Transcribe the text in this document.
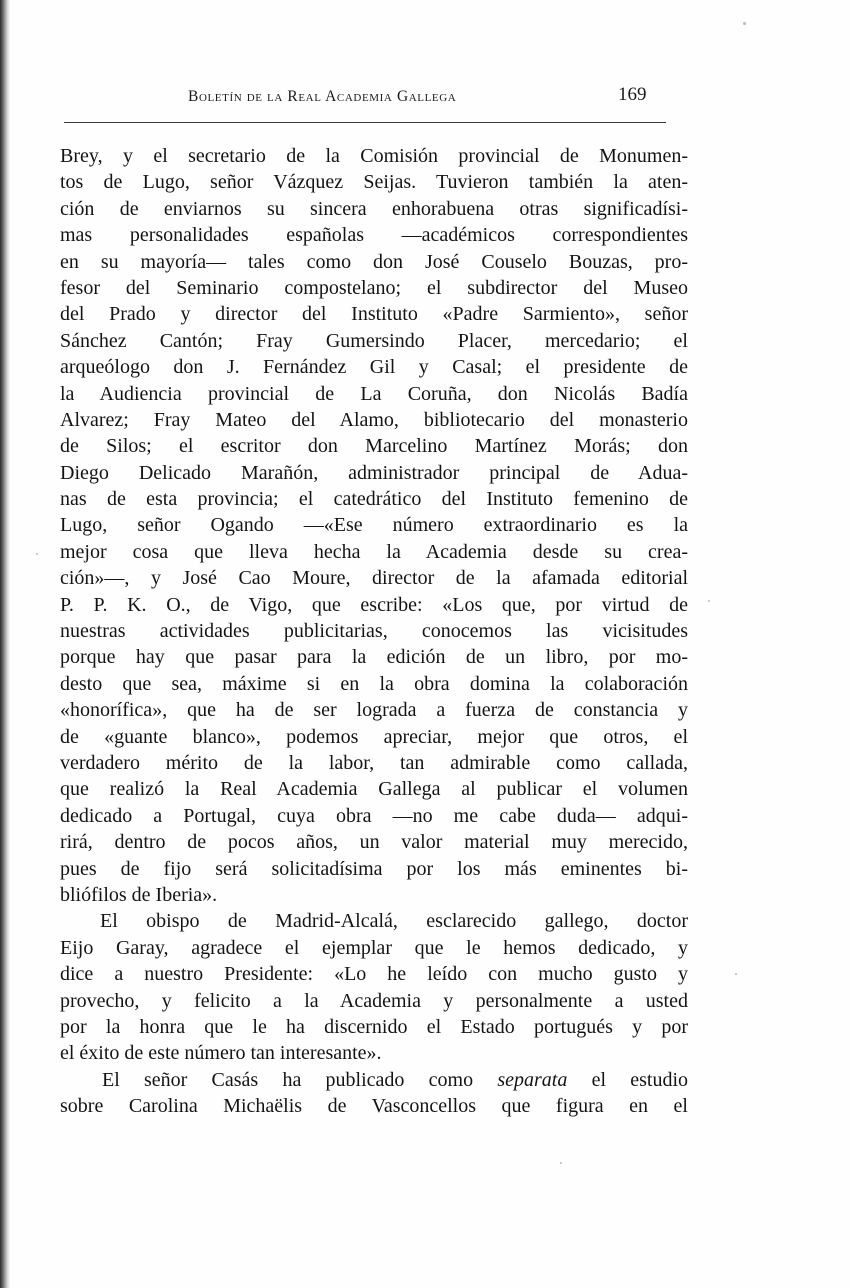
Boletín de la Real Academia Gallega	169
Brey, y el secretario de la Comisión provincial de Monumen-
tos de Lugo, señor Vázquez Seijas. Tuvieron también la aten-
ción de enviarnos su sincera enhorabuena otras significadísi-
mas personalidades españolas —académicos correspondientes
en su mayoría— tales como don José Couselo Bouzas, pro-
fesor del Seminario compostelano; el subdirector del Museo
del Prado y director del Instituto «Padre Sarmiento», señor
Sánchez Cantón; Fray Gumersindo Placer, mercedario; el
arqueólogo don J. Fernández Gil y Casal; el presidente de
la Audiencia provincial de La Coruña, don Nicolás Badía
Alvarez; Fray Mateo del Alamo, bibliotecario del monasterio
de Silos; el escritor don Marcelino Martínez Morás; don
Diego Delicado Marañón, administrador principal de Adua-
nas de esta provincia; el catedrático del Instituto femenino de
Lugo, señor Ogando —«Ese número extraordinario es la
mejor cosa que lleva hecha la Academia desde su crea-
ción»—, y José Cao Moure, director de la afamada editorial
P. P. K. O., de Vigo, que escribe: «Los que, por virtud de
nuestras actividades publicitarias, conocemos las vicisitudes
porque hay que pasar para la edición de un libro, por mo-
desto que sea, máxime si en la obra domina la colaboración
«honorífica», que ha de ser lograda a fuerza de constancia y
de «guante blanco», podemos apreciar, mejor que otros, el
verdadero mérito de la labor, tan admirable como callada,
que realizó la Real Academia Gallega al publicar el volumen
dedicado a Portugal, cuya obra —no me cabe duda— adqui-
rirá, dentro de pocos años, un valor material muy merecido,
pues de fijo será solicitadísima por los más eminentes bi-
bliófilos de Iberia».
El obispo de Madrid-Alcalá, esclarecido gallego, doctor
Eijo Garay, agradece el ejemplar que le hemos dedicado, y
dice a nuestro Presidente: «Lo he leído con mucho gusto y
provecho, y felicito a la Academia y personalmente a usted
por la honra que le ha discernido el Estado portugués y por
el éxito de este número tan interesante».
El señor Casás ha publicado como separata el estudio
sobre Carolina Michaëlis de Vasconcellos que figura en el
